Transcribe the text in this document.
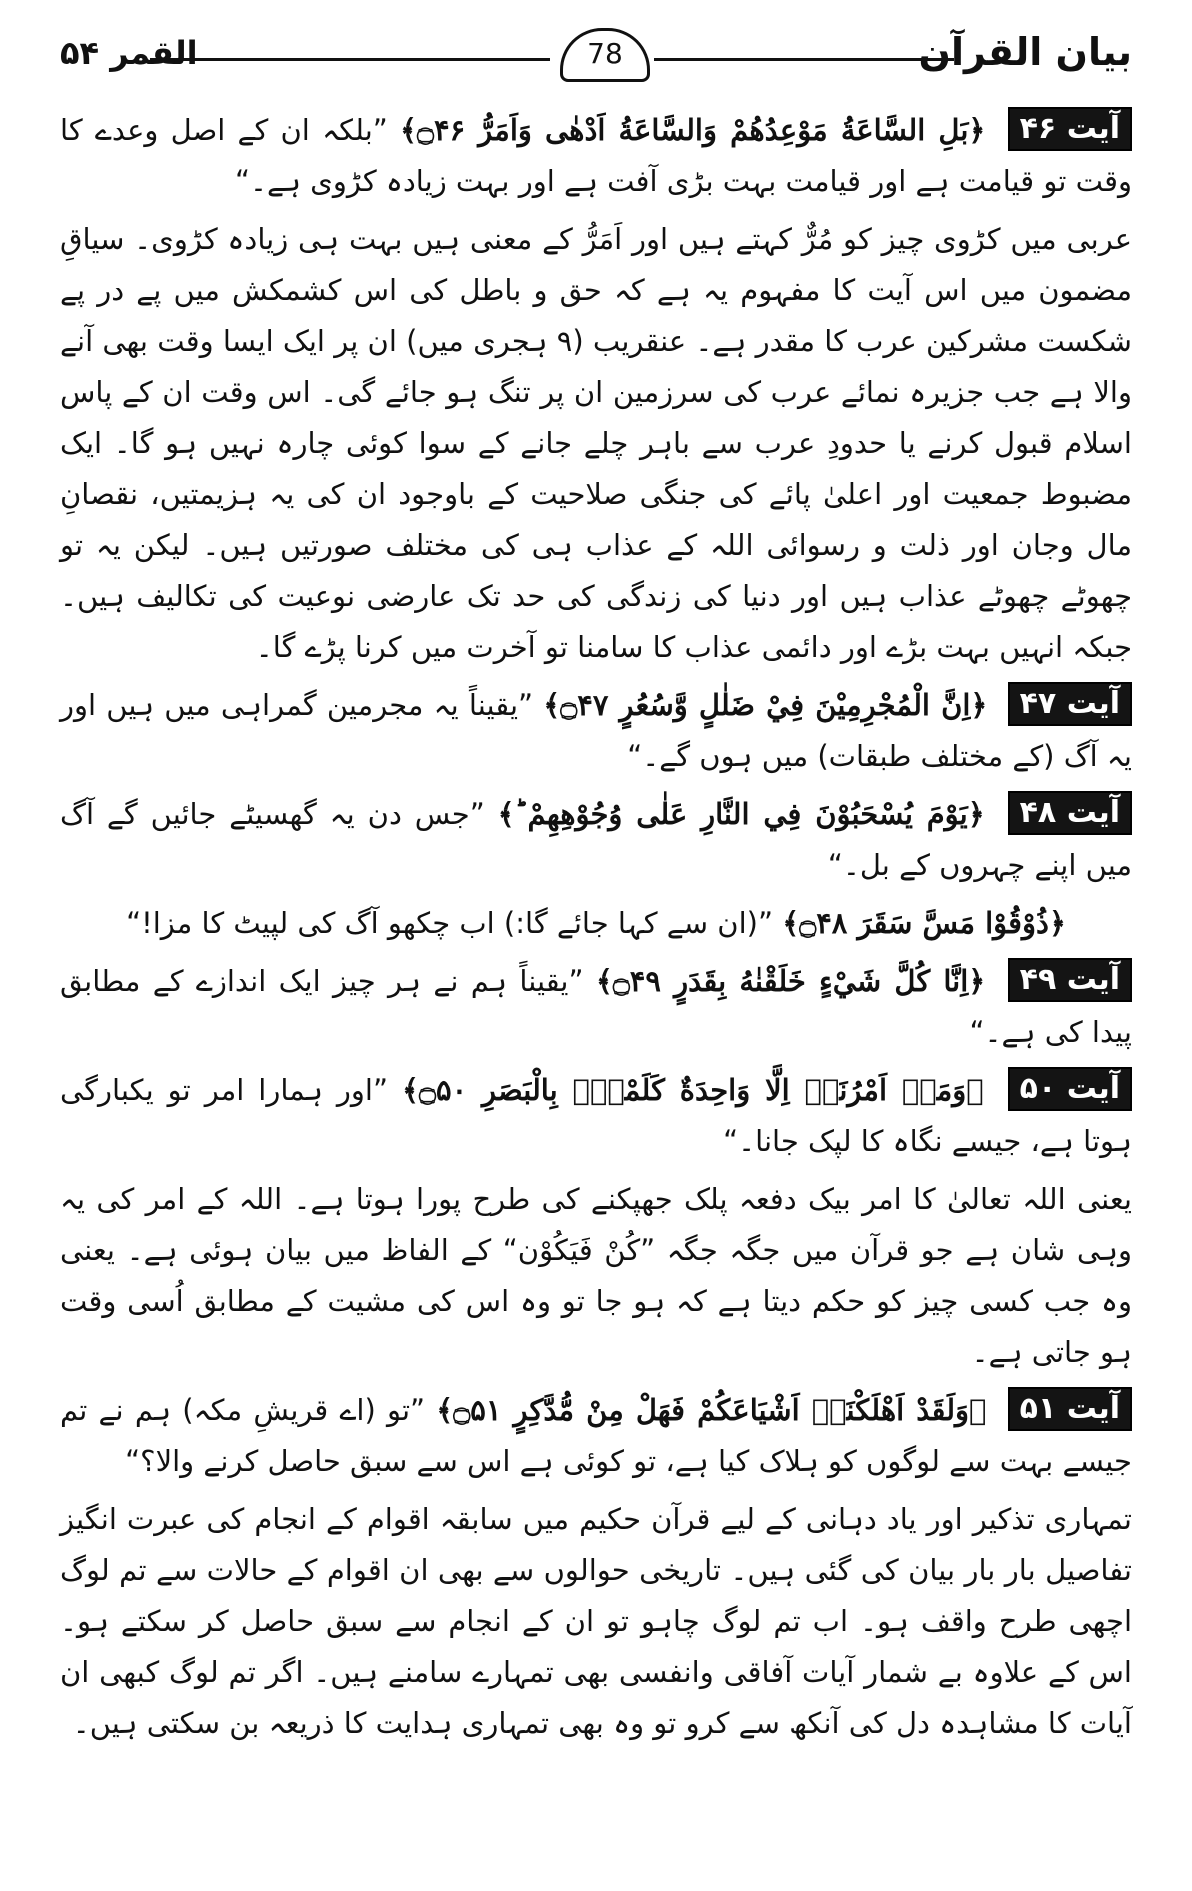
بیان القرآن
القمر ۵۴	78
آیت ۴۶ ﴿بَلِ السَّاعَةُ مَوْعِدُهُمْ وَالسَّاعَةُ اَدْهٰی وَاَمَرُّ ۝۴۶﴾ ”بلکہ ان کے اصل وعدے کا وقت تو قیامت ہے اور قیامت بہت بڑی آفت ہے اور بہت زیادہ کڑوی ہے۔“
عربی میں کڑوی چیز کو مُرٌّ کہتے ہیں اور اَمَرُّ کے معنی ہیں بہت ہی زیادہ کڑوی۔ سیاقِ مضمون میں اس آیت کا مفہوم یہ ہے کہ حق و باطل کی اس کشمکش میں پے در پے شکست مشرکین عرب کا مقدر ہے۔ عنقریب (۹ ہجری میں) ان پر ایک ایسا وقت بھی آنے والا ہے جب جزیرہ نمائے عرب کی سرزمین ان پر تنگ ہو جائے گی۔ اس وقت ان کے پاس اسلام قبول کرنے یا حدودِ عرب سے باہر چلے جانے کے سوا کوئی چارہ نہیں ہو گا۔ ایک مضبوط جمعیت اور اعلیٰ پائے کی جنگی صلاحیت کے باوجود ان کی یہ ہزیمتیں، نقصانِ مال وجان اور ذلت و رسوائی اللہ کے عذاب ہی کی مختلف صورتیں ہیں۔ لیکن یہ تو چھوٹے چھوٹے عذاب ہیں اور دنیا کی زندگی کی حد تک عارضی نوعیت کی تکالیف ہیں۔ جبکہ انہیں بہت بڑے اور دائمی عذاب کا سامنا تو آخرت میں کرنا پڑے گا۔
آیت ۴۷ ﴿اِنَّ الْمُجْرِمِيْنَ فِيْ ضَلٰلٍ وَّسُعُرٍ ۝۴۷﴾ ”یقیناً یہ مجرمین گمراہی میں ہیں اور یہ آگ (کے مختلف طبقات) میں ہوں گے۔“
آیت ۴۸ ﴿يَوْمَ يُسْحَبُوْنَ فِي النَّارِ عَلٰى وُجُوْهِهِمْ ؕ﴾ ”جس دن یہ گھسیٹے جائیں گے آگ میں اپنے چہروں کے بل۔“
﴿ذُوْقُوْا مَسَّ سَقَرَ ۝۴۸﴾ ”(ان سے کہا جائے گا:) اب چکھو آگ کی لپیٹ کا مزا!“
آیت ۴۹ ﴿اِنَّا كُلَّ شَيْءٍ خَلَقْنٰهُ بِقَدَرٍ ۝۴۹﴾ ”یقیناً ہم نے ہر چیز ایک اندازے کے مطابق پیدا کی ہے۔“
آیت ۵۰ ﴿وَمَاۤ اَمْرُنَاۤ اِلَّا وَاحِدَةٌ كَلَمْحٍۭ بِالْبَصَرِ ۝۵۰﴾ ”اور ہمارا امر تو یکبارگی ہوتا ہے، جیسے نگاہ کا لپک جانا۔“
یعنی اللہ تعالیٰ کا امر بیک دفعہ پلک جھپکنے کی طرح پورا ہوتا ہے۔ اللہ کے امر کی یہ وہی شان ہے جو قرآن میں جگہ جگہ ”کُنْ فَیَکُوْن“ کے الفاظ میں بیان ہوئی ہے۔ یعنی وہ جب کسی چیز کو حکم دیتا ہے کہ ہو جا تو وہ اس کی مشیت کے مطابق اُسی وقت ہو جاتی ہے۔
آیت ۵۱ ﴿وَلَقَدْ اَهْلَكْنَاۤ اَشْيَاعَكُمْ فَهَلْ مِنْ مُّدَّكِرٍ ۝۵۱﴾ ”تو (اے قریشِ مکہ) ہم نے تم جیسے بہت سے لوگوں کو ہلاک کیا ہے، تو کوئی ہے اس سے سبق حاصل کرنے والا؟“
تمہاری تذکیر اور یاد دہانی کے لیے قرآن حکیم میں سابقہ اقوام کے انجام کی عبرت انگیز تفاصیل بار بار بیان کی گئی ہیں۔ تاریخی حوالوں سے بھی ان اقوام کے حالات سے تم لوگ اچھی طرح واقف ہو۔ اب تم لوگ چاہو تو ان کے انجام سے سبق حاصل کر سکتے ہو۔ اس کے علاوہ بے شمار آیات آفاقی وانفسی بھی تمہارے سامنے ہیں۔ اگر تم لوگ کبھی ان آیات کا مشاہدہ دل کی آنکھ سے کرو تو وہ بھی تمہاری ہدایت کا ذریعہ بن سکتی ہیں۔
